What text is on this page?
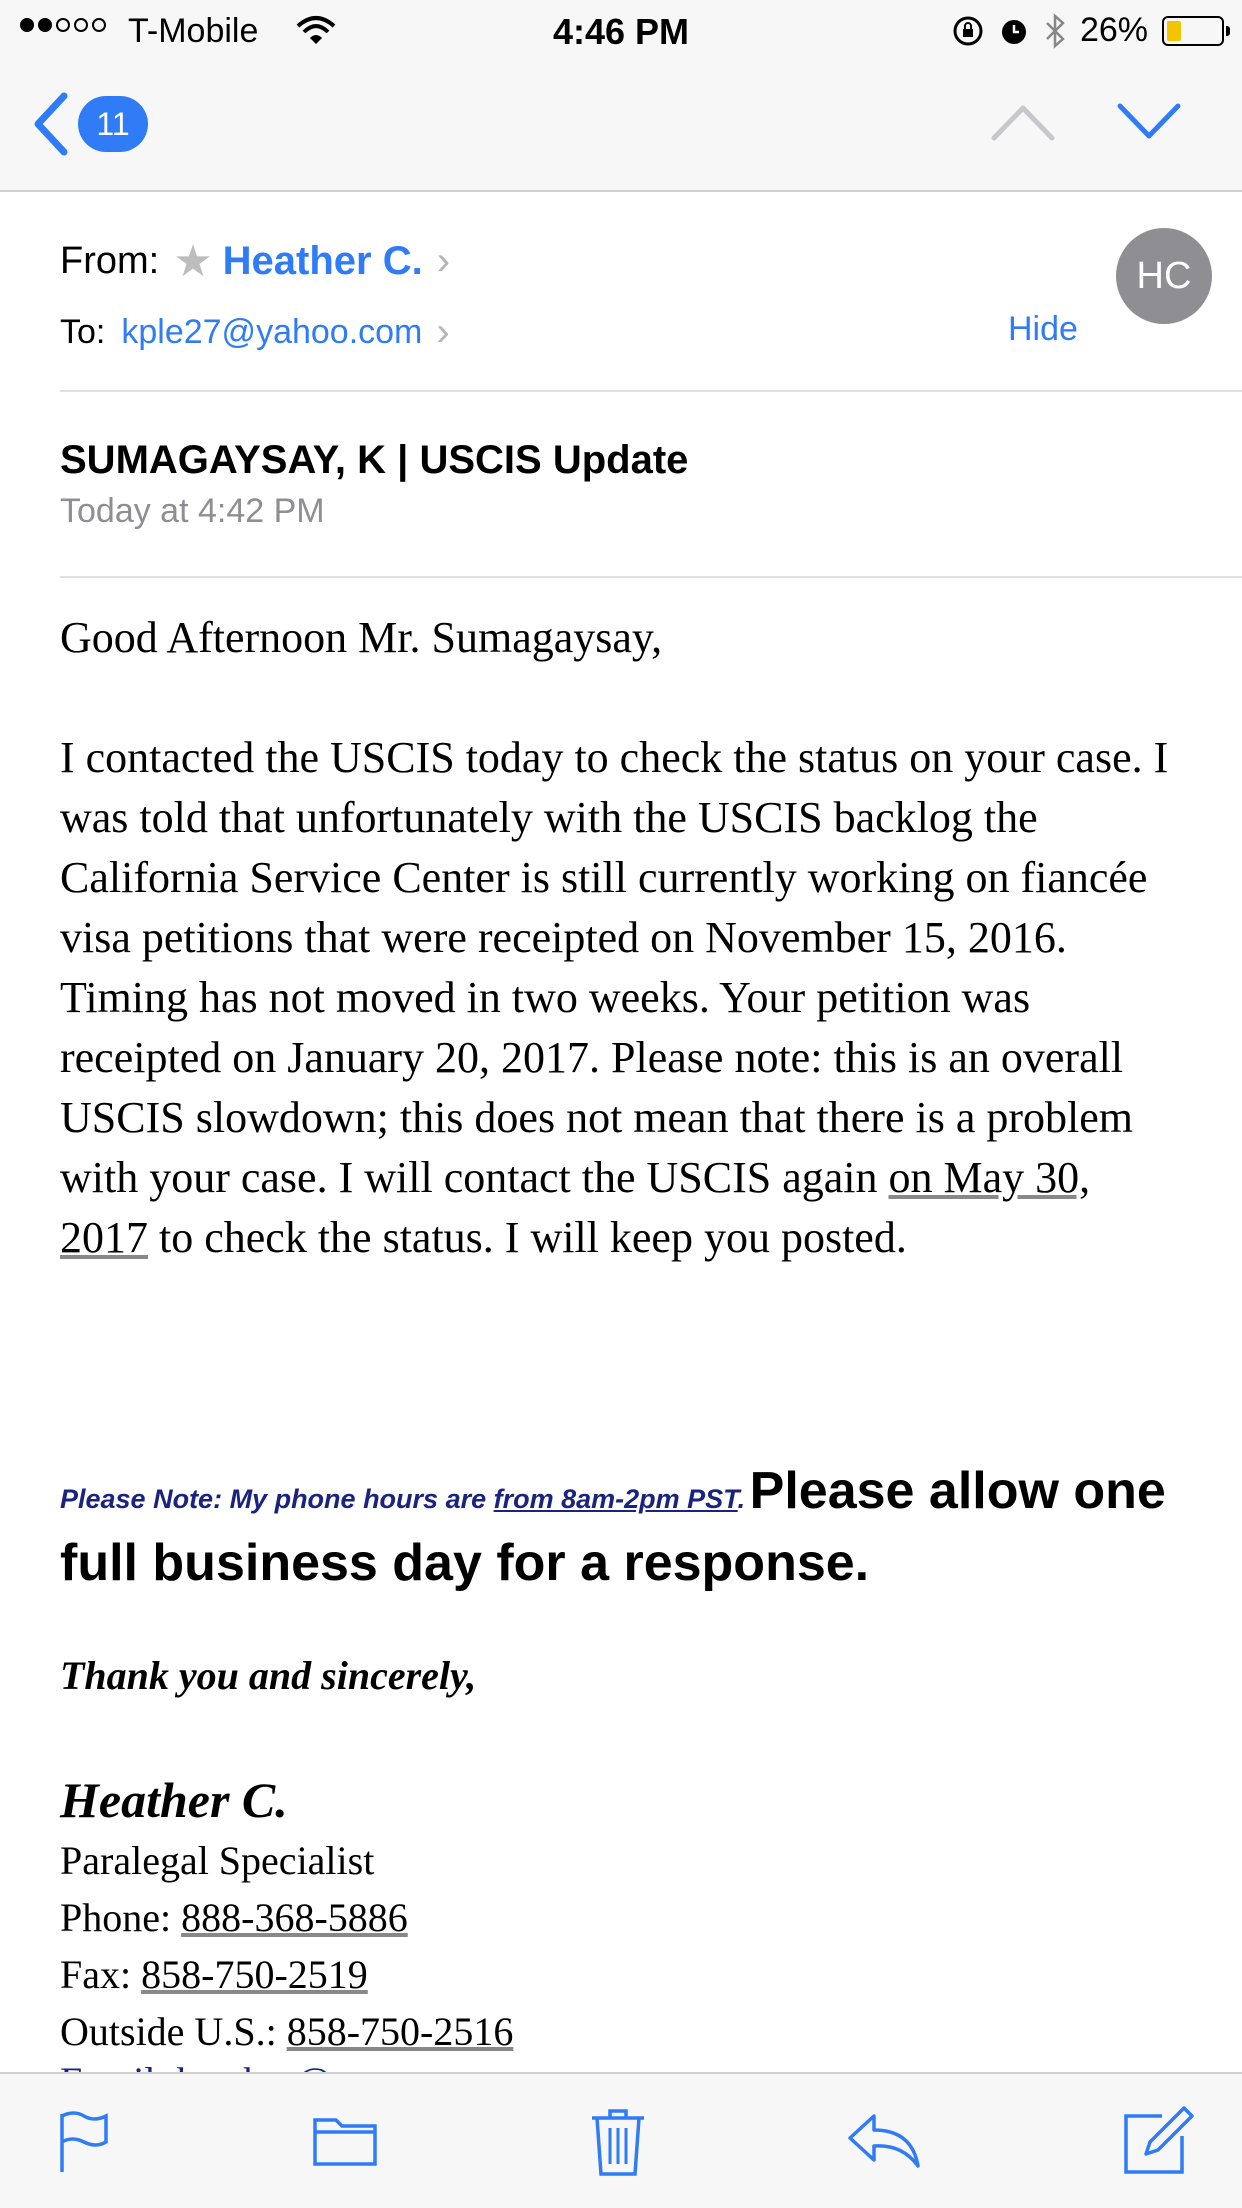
T-Mobile	4:46 PM	26%
11
From: ★ Heather C. ›
To: kple27@yahoo.com ›	Hide
HC
SUMAGAYSAY, K | USCIS Update
Today at 4:42 PM

Good Afternoon Mr. Sumagaysay,

I contacted the USCIS today to check the status on your case. I was told that unfortunately with the USCIS backlog the California Service Center is still currently working on fiancée visa petitions that were receipted on November 15, 2016. Timing has not moved in two weeks. Your petition was receipted on January 20, 2017. Please note: this is an overall USCIS slowdown; this does not mean that there is a problem with your case. I will contact the USCIS again on May 30, 2017 to check the status. I will keep you posted.

Please Note: My phone hours are from 8am-2pm PST. Please allow one full business day for a response.
Thank you and sincerely,
Heather C.
Paralegal Specialist
Phone: 888-368-5886
Fax: 858-750-2519
Outside U.S.: 858-750-2516
